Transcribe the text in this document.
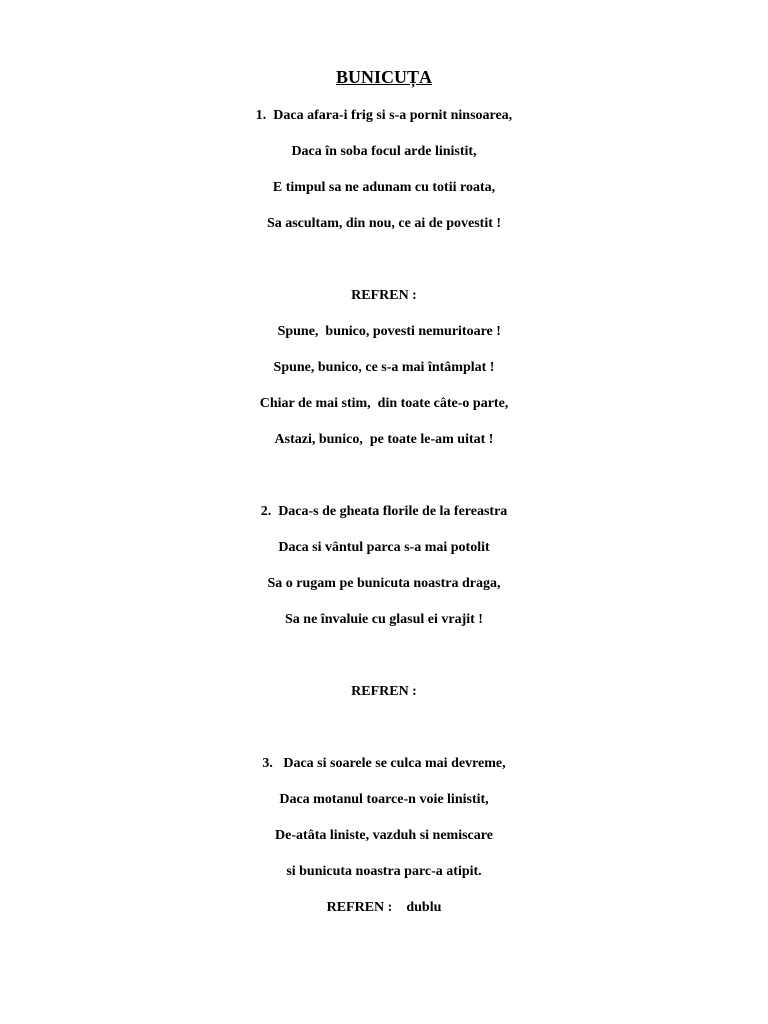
BUNICUȚA
1.  Daca afara-i frig si s-a pornit ninsoarea,
Daca în soba focul arde linistit,
E timpul sa ne adunam cu totii roata,
Sa ascultam, din nou, ce ai de povestit !
REFREN :
Spune,  bunico, povesti nemuritoare !
Spune, bunico, ce s-a mai întâmplat !
Chiar de mai stim,  din toate câte-o parte,
Astazi, bunico,  pe toate le-am uitat !
2.  Daca-s de gheata florile de la fereastra
Daca si vântul parca s-a mai potolit
Sa o rugam pe bunicuta noastra draga,
Sa ne învaluie cu glasul ei vrajit !
REFREN :
3.   Daca si soarele se culca mai devreme,
Daca motanul toarce-n voie linistit,
De-atâta liniste, vazduh si nemiscare
si bunicuta noastra parc-a atipit.
REFREN :    dublu
